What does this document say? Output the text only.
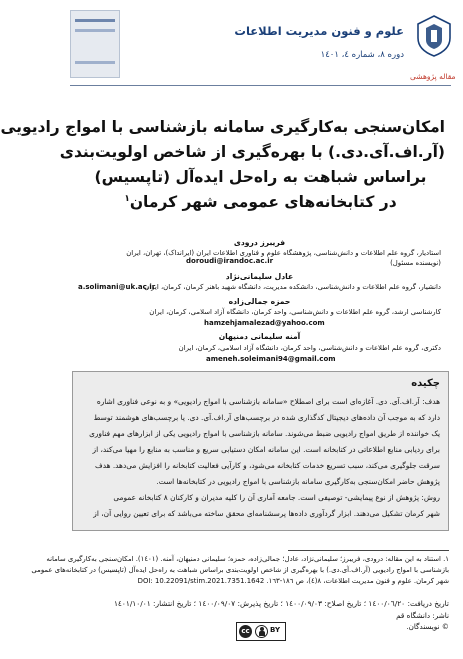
علوم و فنون مدیریت اطلاعات
دوره ۸، شماره ٤، ۱٤٠۱
مقاله پژوهشی
امکان‌سنجی به‌کارگیری سامانه بازشناسی با امواج رادیویی
(آر.اف.آی.دی.) با بهره‌گیری از شاخص اولویت‌بندی
براساس شباهت به راه‌حل ایده‌آل (تاپسیس)
در کتابخانه‌های عمومی شهر کرمان$^۱$
فریبرز درودی
استادیار، گروه علم اطلاعات و دانش‌شناسی، پژوهشگاه علوم و فناوری اطلاعات ایران (ایرانداک)، تهران، ایران
(نویسنده مسئول)
doroudi@irandoc.ac.ir
عادل سلیمانی‌نژاد
دانشیار، گروه علم اطلاعات و دانش‌شناسی، دانشکده مدیریت، دانشگاه شهید باهنر کرمان، کرمان، ایران
a.solimani@uk.ac.ir
حمزه جمالی‌زاده
کارشناسی ارشد، گروه علم اطلاعات و دانش‌شناسی، واحد کرمان، دانشگاه آزاد اسلامی، کرمان، ایران
hamzehjamalezad@yahoo.com
آمنه سلیمانی دمنیهان
دکتری، گروه علم اطلاعات و دانش‌شناسی، واحد کرمان، دانشگاه آزاد اسلامی، کرمان، ایران
ameneh.soleimani94@gmail.com
چکیده
هدف: آر.اف.آی. دی. آغازه‌ای است برای اصطلاح «سامانه بازشناسی با امواج رادیویی» و به نوعی فناوری اشاره
دارد که به موجب آن داده‌های دیجیتال کدگذاری شده در برچسب‌های آر.اف.آی. دی. یا برچسب‌های هوشمند توسط
یک خواننده از طریق امواج رادیویی ضبط می‌شوند. سامانه بازشناسی با امواج رادیویی یکی از ابزارهای مهم فناوری
برای ردیابی منابع اطلاعاتی در کتابخانه است. این سامانه امکان دستیابی سریع و مناسب به منابع را مهیا می‌کند، از
سرقت جلوگیری می‌کند، سبب تسریع خدمات کتابخانه می‌شود، و کارآیی فعالیت کتابخانه را افزایش می‌دهد. هدف
پژوهش حاضر امکان‌سنجی به‌کارگیری سامانه بازشناسی با امواج رادیویی در کتابخانه‌ها است.
روش: پژوهش از نوع پیمایشی- توصیفی است. جامعه آماری آن را کلیه مدیران و کارکنان ۸ کتابخانه عمومی
شهر کرمان تشکیل می‌دهند. ابزار گردآوری داده‌ها پرسشنامه‌ای محقق ساخته می‌باشد که برای تعیین روایی آن، از
۱. استناد به این مقاله: درودی، فریبرز؛ سلیمانی‌نژاد، عادل؛ جمالی‌زاده، حمزه؛ سلیمانی دمنیهان، آمنه. (۱٤۰۱). امکان‌سنجی به‌کارگیری سامانه
بازشناسی با امواج رادیویی (آر.اف.آی.دی.) با بهره‌گیری از شاخص اولویت‌بندی براساس شباهت به راه‌حل ایده‌آل (تاپسیس) در کتابخانه‌های عمومی
شهر کرمان. علوم و فنون مدیریت اطلاعات، ۸(٤)، ص ۱۸٦-۱٦۳. DOI: 10.22091/stim.2021.7351.1642
تاریخ دریافت: ۱٤۰۰/۰٦/۲۰ ؛ تاریخ اصلاح: ۱٤۰۰/۰۹/۰۳ ؛ تاریخ پذیرش: ۱٤۰۰/۰۹/۰۷ ؛ تاریخ انتشار: ۱٤۰۱/۱۰/۰۱
ناشر: دانشگاه قم
© نویسندگان.
cc	BY
